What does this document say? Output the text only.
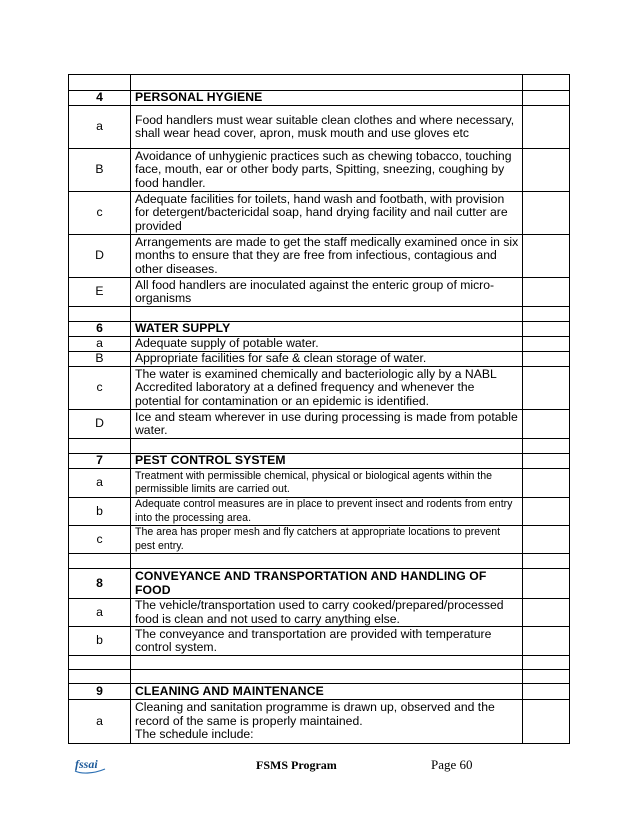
4	PERSONAL HYGIENE	
a	Food handlers must wear suitable clean clothes and where necessary, shall wear head cover, apron, musk mouth and use gloves etc	
B	Avoidance of unhygienic practices such as chewing tobacco, touching face, mouth, ear or other body parts, Spitting, sneezing, coughing by food handler.	
c	Adequate facilities for toilets, hand wash and footbath, with provision for detergent/bactericidal soap, hand drying facility and nail cutter are provided	
D	Arrangements are made to get the staff medically examined once in six months to ensure that they are free from infectious, contagious and other diseases.	
E	All food handlers are inoculated against the enteric group of micro-organisms	

6	WATER SUPPLY	
a	Adequate supply of potable water.	
B	Appropriate facilities for safe & clean storage of water.	
c	The water is examined chemically and bacteriologic ally by a NABL Accredited laboratory at a defined frequency and whenever the potential for contamination or an epidemic is identified.	
D	Ice and steam wherever in use during processing is made from potable water.	

7	PEST CONTROL SYSTEM	
a	Treatment with permissible chemical, physical or biological agents within the permissible limits are carried out.	
b	Adequate control measures are in place to prevent insect and rodents from entry into the processing area.	
c	The area has proper mesh and fly catchers at appropriate locations to prevent pest entry.	

8	CONVEYANCE AND TRANSPORTATION AND HANDLING OF FOOD	
a	The vehicle/transportation used to carry cooked/prepared/processed food is clean and not used to carry anything else.	
b	The conveyance and transportation are provided with temperature control system.	

9	CLEANING AND MAINTENANCE	
a	Cleaning and sanitation programme is drawn up, observed and the record of the same is properly maintained.
The schedule include:	
fssai	FSMS Program	Page 60
